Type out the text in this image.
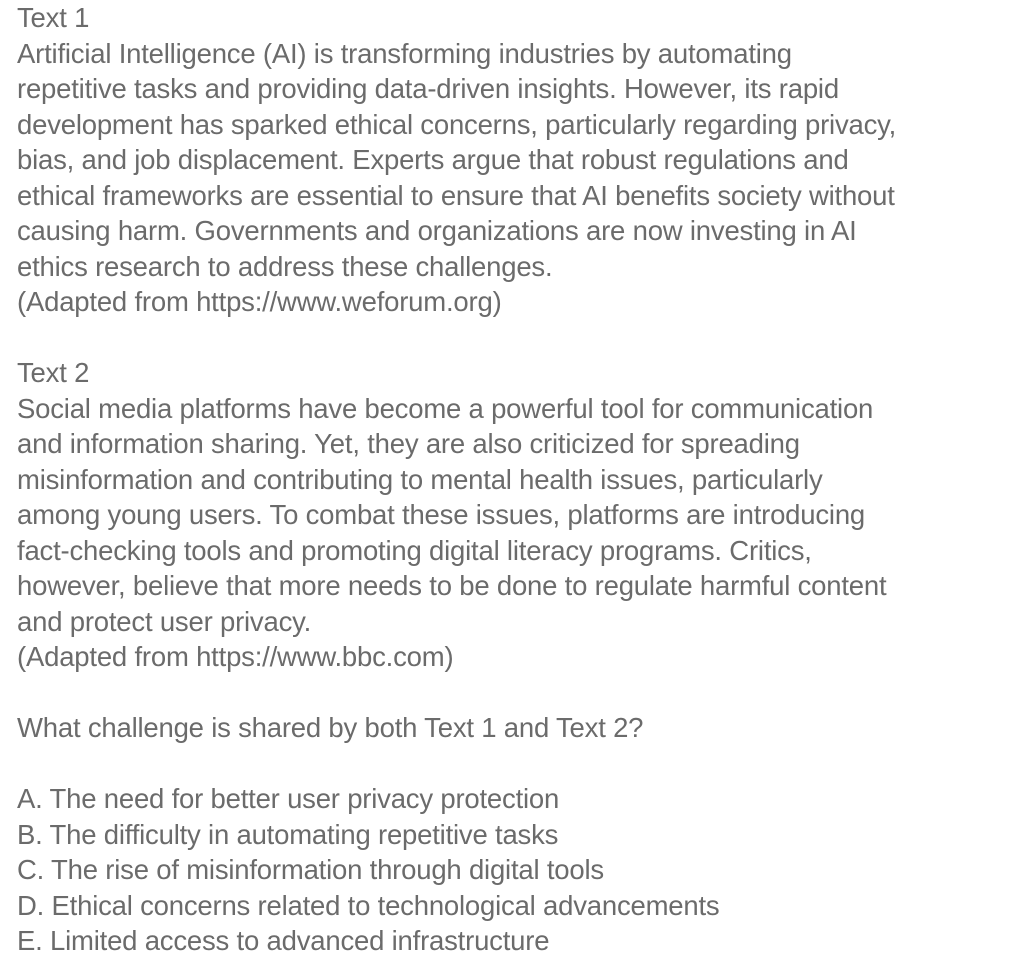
Text 1
Artificial Intelligence (AI) is transforming industries by automating
repetitive tasks and providing data-driven insights. However, its rapid
development has sparked ethical concerns, particularly regarding privacy,
bias, and job displacement. Experts argue that robust regulations and
ethical frameworks are essential to ensure that AI benefits society without
causing harm. Governments and organizations are now investing in AI
ethics research to address these challenges.
(Adapted from https://www.weforum.org)
Text 2
Social media platforms have become a powerful tool for communication
and information sharing. Yet, they are also criticized for spreading
misinformation and contributing to mental health issues, particularly
among young users. To combat these issues, platforms are introducing
fact-checking tools and promoting digital literacy programs. Critics,
however, believe that more needs to be done to regulate harmful content
and protect user privacy.
(Adapted from https://www.bbc.com)
What challenge is shared by both Text 1 and Text 2?
A. The need for better user privacy protection
B. The difficulty in automating repetitive tasks
C. The rise of misinformation through digital tools
D. Ethical concerns related to technological advancements
E. Limited access to advanced infrastructure
